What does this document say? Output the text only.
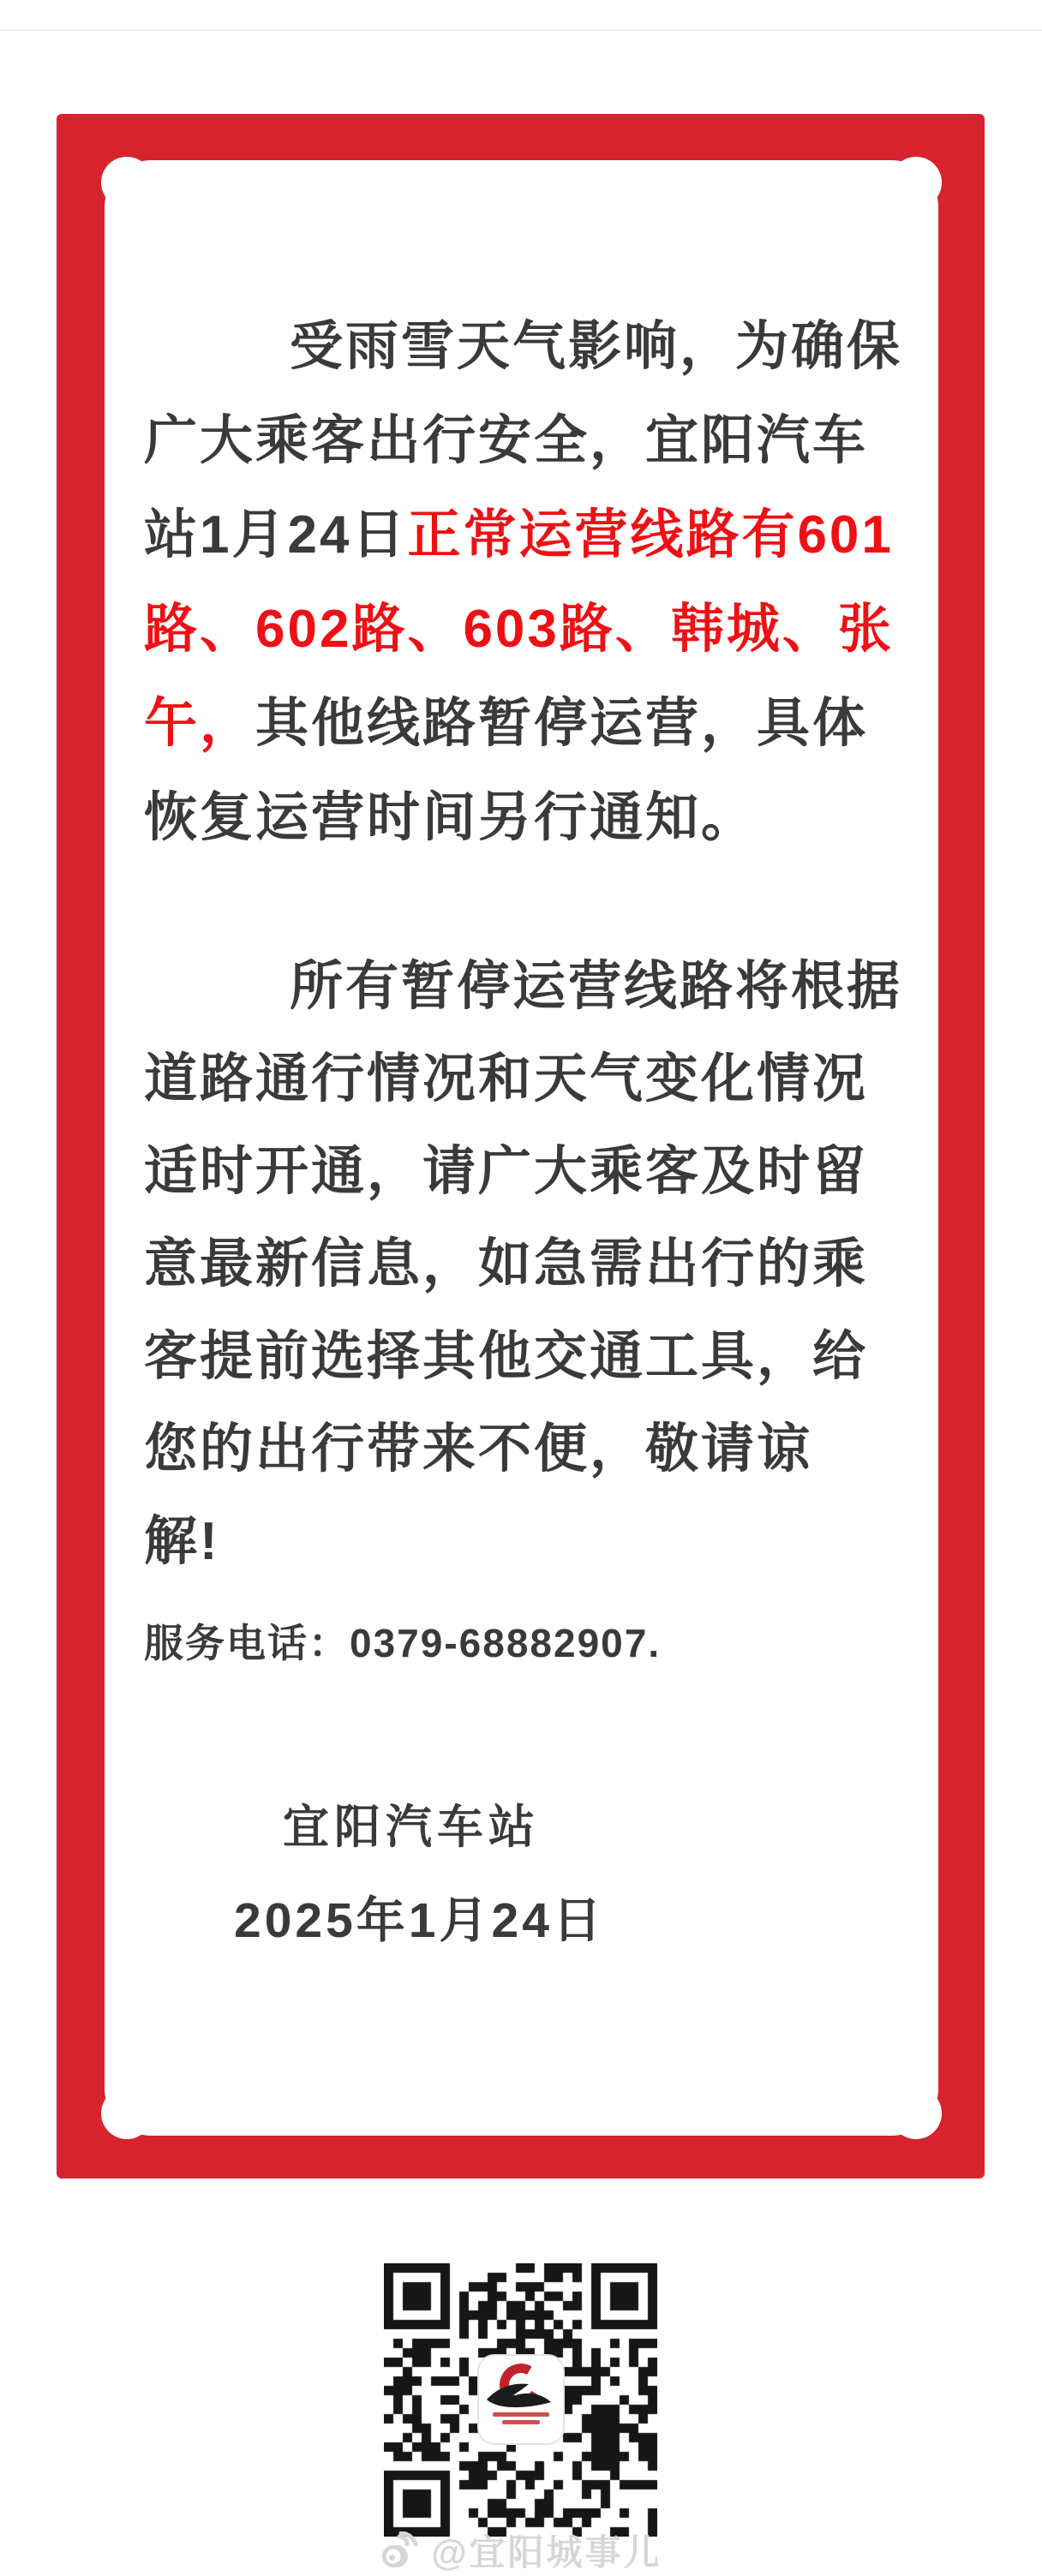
受雨雪天气影响，为确保
广大乘客出行安全，宜阳汽车
站1月24日正常运营线路有601
路、602路、603路、韩城、张
午，其他线路暂停运营，具体
恢复运营时间另行通知。
所有暂停运营线路将根据
道路通行情况和天气变化情况
适时开通，请广大乘客及时留
意最新信息，如急需出行的乘
客提前选择其他交通工具，给
您的出行带来不便，敬请谅
解!
服务电话：0379-68882907.
宜阳汽车站
2025年1月24日
@宜阳城事儿
